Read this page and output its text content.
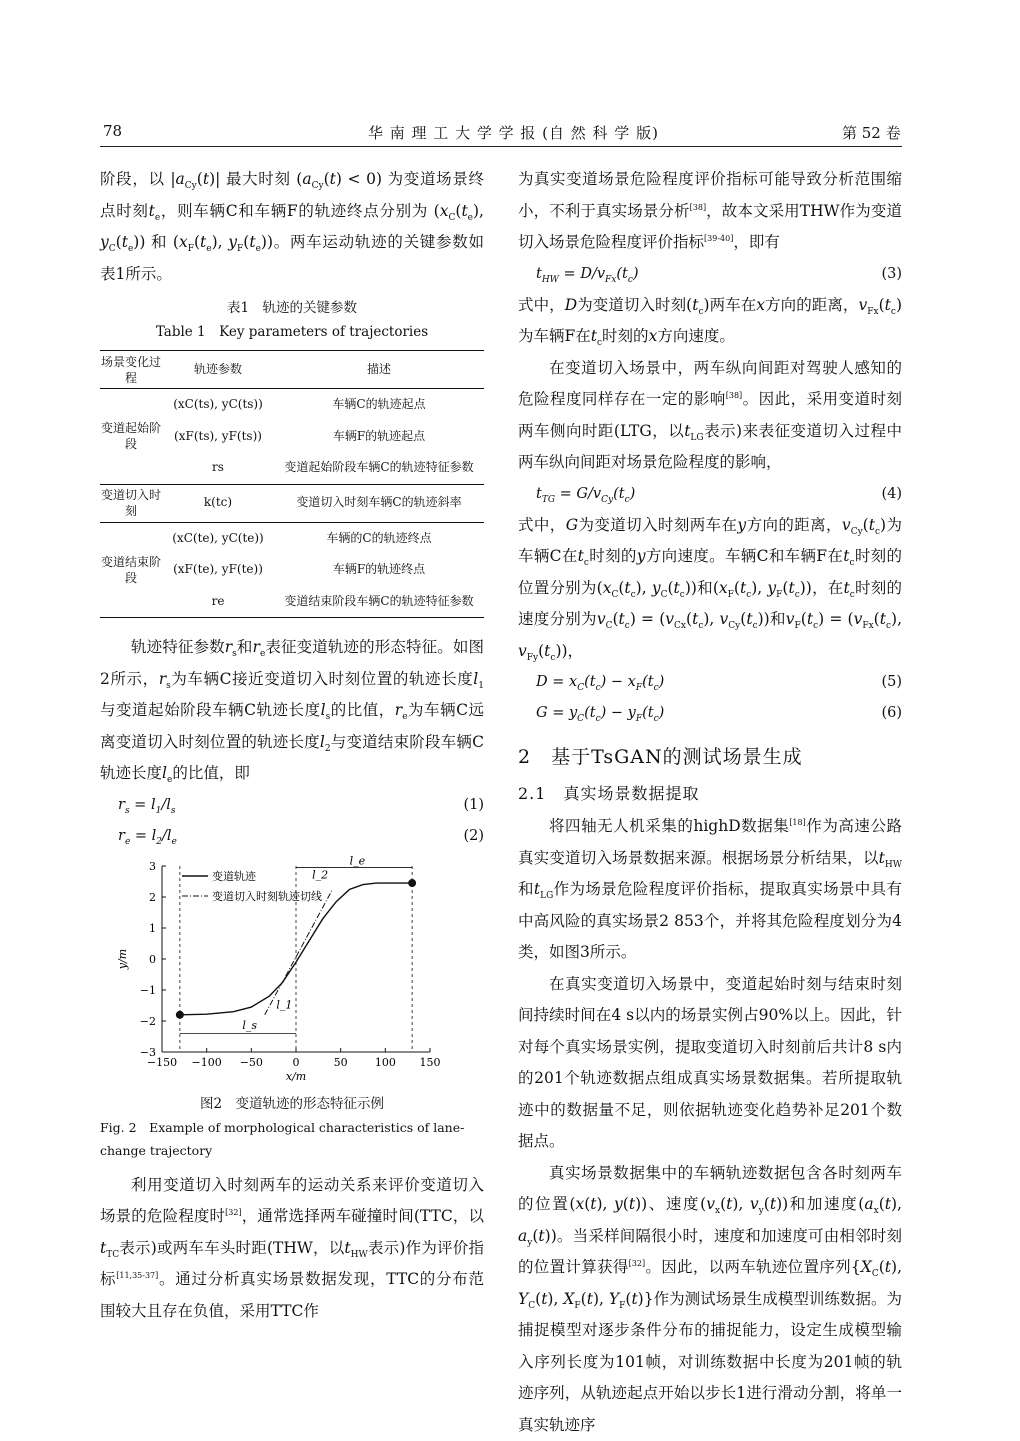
78	华 南 理 工 大 学 学 报 (自 然 科 学 版)	第 52 卷

阶段，以 $|a_{Cy}(t)|$ 最大时刻 $(a_{Cy}(t) < 0)$ 为变道场景终点时刻$t_e$，则车辆C和车辆F的轨迹终点分别为 ($x_C(t_e)$, $y_C(t_e)$) 和 ($x_F(t_e)$, $y_F(t_e)$)。两车运动轨迹的关键参数如表1所示。

表1　轨迹的关键参数
Table 1　Key parameters of trajectories
场景变化过程	轨迹参数	描述
变道起始阶段	(xC(ts), yC(ts))	车辆C的轨迹起点
	(xF(ts), yF(ts))	车辆F的轨迹起点
	rs	变道起始阶段车辆C的轨迹特征参数
变道切入时刻	k(tc)	变道切入时刻车辆C的轨迹斜率
变道结束阶段	(xC(te), yC(te))	车辆的C的轨迹终点
	(xF(te), yF(te))	车辆F的轨迹终点
	re	变道结束阶段车辆C的轨迹特征参数

轨迹特征参数$r_s$和$r_e$表征变道轨迹的形态特征。如图2所示，$r_s$为车辆C接近变道切入时刻位置的轨迹长度$l_1$与变道起始阶段车辆C轨迹长度$l_s$的比值，$r_e$为车辆C远离变道切入时刻位置的轨迹长度$l_2$与变道结束阶段车辆C轨迹长度$l_e$的比值，即

$r_s = l_1/l_s$	(1)
$r_e = l_2/l_e$	(2)
−150 −100 −50	0	50 100 150
3
2
1
0
−1
−2
−3
x/m
y/m
l_s
l_e
l_1
l_2
变道轨迹
变道切入时刻轨迹切线
图2　变道轨迹的形态特征示例
Fig. 2　Example of morphological characteristics of lane-change trajectory

利用变道切入时刻两车的运动关系来评价变道切入场景的危险程度时[32]，通常选择两车碰撞时间(TTC，以$t_{TC}$表示)或两车车头时距(THW，以$t_{HW}$表示)作为评价指标[11,35-37]。通过分析真实场景数据发现，TTC的分布范围较大且存在负值，采用TTC作

为真实变道场景危险程度评价指标可能导致分析范围缩小，不利于真实场景分析[38]，故本文采用THW作为变道切入场景危险程度评价指标[39-40]，即有

$t_{HW} = D/v_{Fx}(t_c)$	(3)

式中，D为变道切入时刻$(t_c)$两车在x方向的距离，$v_{Fx}(t_c)$为车辆F在$t_c$时刻的x方向速度。

在变道切入场景中，两车纵向间距对驾驶人感知的危险程度同样存在一定的影响[38]。因此，采用变道时刻两车侧向时距(LTG，以$t_{LG}$表示)来表征变道切入过程中两车纵向间距对场景危险程度的影响，

$t_{TG} = G/v_{Cy}(t_c)$	(4)

式中，G为变道切入时刻两车在y方向的距离，$v_{Cy}(t_c)$为车辆C在$t_c$时刻的y方向速度。车辆C和车辆F在$t_c$时刻的位置分别为($x_C(t_c)$, $y_C(t_c)$)和($x_F(t_c)$, $y_F(t_c)$)，在$t_c$时刻的速度分别为$v_C(t_c) = (v_{Cx}(t_c)$, $v_{Cy}(t_c)$)和$v_F(t_c) = (v_{Fx}(t_c)$, $v_{Fy}(t_c)$)，

$D = x_C(t_c) - x_F(t_c)$	(5)
$G = y_C(t_c) - y_F(t_c)$	(6)
2　基于TsGAN的测试场景生成
2.1　真实场景数据提取

将四轴无人机采集的highD数据集[18]作为高速公路真实变道切入场景数据来源。根据场景分析结果，以$t_{HW}$和$t_{LG}$作为场景危险程度评价指标，提取真实场景中具有中高风险的真实场景2 853个，并将其危险程度划分为4类，如图3所示。

在真实变道切入场景中，变道起始时刻与结束时刻间持续时间在4 s以内的场景实例占90%以上。因此，针对每个真实场景实例，提取变道切入时刻前后共计8 s内的201个轨迹数据点组成真实场景数据集。若所提取轨迹中的数据量不足，则依据轨迹变化趋势补足201个数据点。

真实场景数据集中的车辆轨迹数据包含各时刻两车的位置(x(t), y(t))、速度($v_x(t)$, $v_y(t)$)和加速度($a_x(t)$, $a_y(t)$)。当采样间隔很小时，速度和加速度可由相邻时刻的位置计算获得[32]。因此，以两车轨迹位置序列{$X_C(t)$, $Y_C(t)$, $X_F(t)$, $Y_F(t)$}作为测试场景生成模型训练数据。为捕捉模型对逐步条件分布的捕捉能力，设定生成模型输入序列长度为101帧，对训练数据中长度为201帧的轨迹序列，从轨迹起点开始以步长1进行滑动分割，将单一真实轨迹序
